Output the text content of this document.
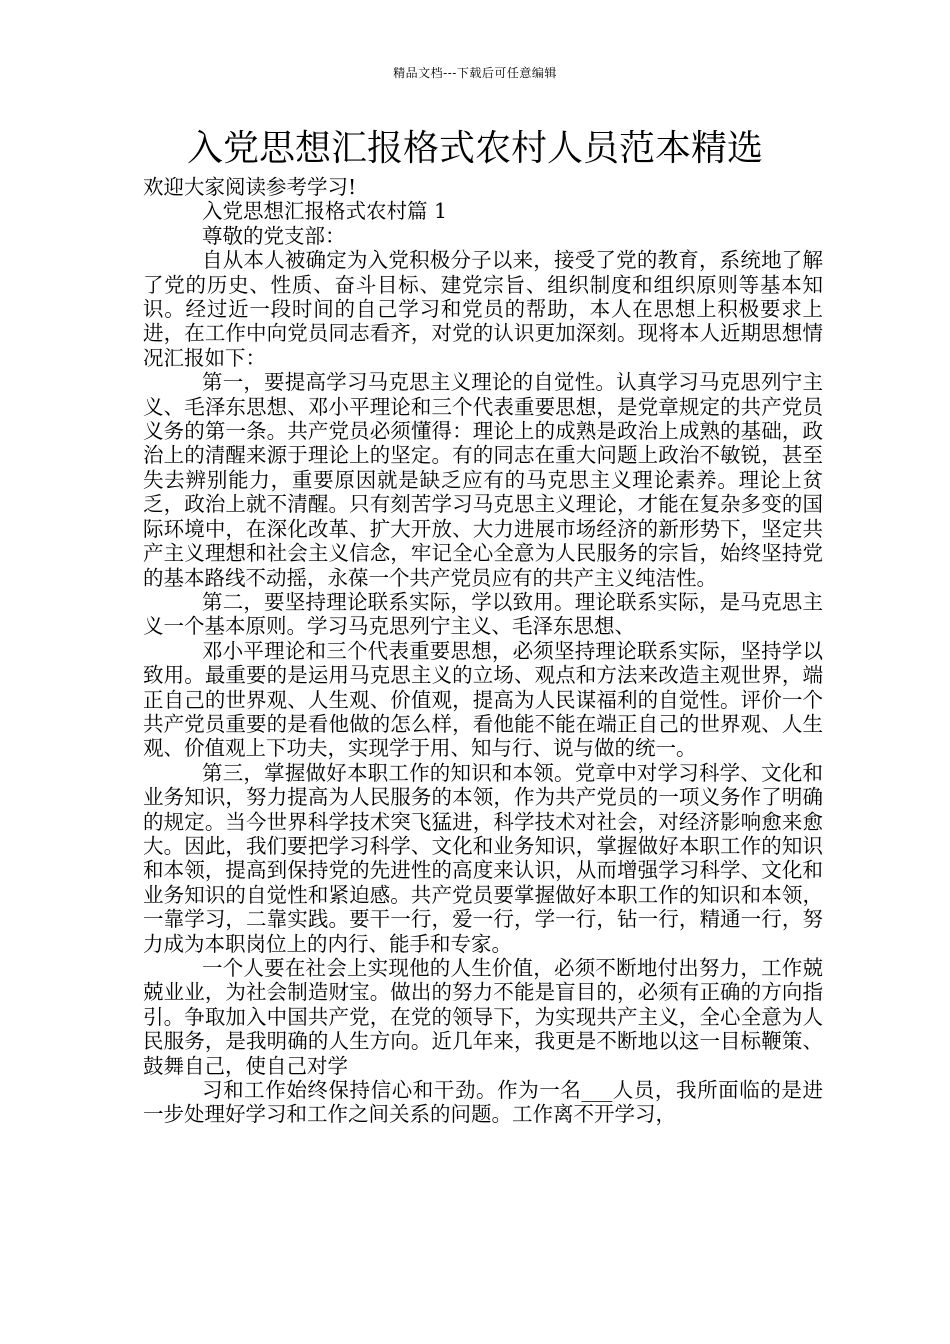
精品文档---下载后可任意编辑
入党思想汇报格式农村人员范本精选

欢迎大家阅读参考学习!

入党思想汇报格式农村篇 1

尊敬的党支部：

自从本人被确定为入党积极分子以来，接受了党的教育，系统地了解了党的历史、性质、奋斗目标、建党宗旨、组织制度和组织原则等基本知识。经过近一段时间的自己学习和党员的帮助，本人在思想上积极要求上进，在工作中向党员同志看齐，对党的认识更加深刻。现将本人近期思想情况汇报如下：

第一，要提高学习马克思主义理论的自觉性。认真学习马克思列宁主义、毛泽东思想、邓小平理论和三个代表重要思想，是党章规定的共产党员义务的第一条。共产党员必须懂得：理论上的成熟是政治上成熟的基础，政治上的清醒来源于理论上的坚定。有的同志在重大问题上政治不敏锐，甚至失去辨别能力，重要原因就是缺乏应有的马克思主义理论素养。理论上贫乏，政治上就不清醒。只有刻苦学习马克思主义理论，才能在复杂多变的国际环境中，在深化改革、扩大开放、大力进展市场经济的新形势下，坚定共产主义理想和社会主义信念，牢记全心全意为人民服务的宗旨，始终坚持党的基本路线不动摇，永葆一个共产党员应有的共产主义纯洁性。

第二，要坚持理论联系实际，学以致用。理论联系实际，是马克思主义一个基本原则。学习马克思列宁主义、毛泽东思想、

邓小平理论和三个代表重要思想，必须坚持理论联系实际，坚持学以致用。最重要的是运用马克思主义的立场、观点和方法来改造主观世界，端正自己的世界观、人生观、价值观，提高为人民谋福利的自觉性。评价一个共产党员重要的是看他做的怎么样，看他能不能在端正自己的世界观、人生观、价值观上下功夫，实现学于用、知与行、说与做的统一。

第三，掌握做好本职工作的知识和本领。党章中对学习科学、文化和业务知识，努力提高为人民服务的本领，作为共产党员的一项义务作了明确的规定。当今世界科学技术突飞猛进，科学技术对社会，对经济影响愈来愈大。因此，我们要把学习科学、文化和业务知识，掌握做好本职工作的知识和本领，提高到保持党的先进性的高度来认识，从而增强学习科学、文化和业务知识的自觉性和紧迫感。共产党员要掌握做好本职工作的知识和本领，一靠学习，二靠实践。要干一行，爱一行，学一行，钻一行，精通一行，努力成为本职岗位上的内行、能手和专家。

一个人要在社会上实现他的人生价值，必须不断地付出努力，工作兢兢业业，为社会制造财宝。做出的努力不能是盲目的，必须有正确的方向指引。争取加入中国共产党，在党的领导下，为实现共产主义，全心全意为人民服务，是我明确的人生方向。近几年来，我更是不断地以这一目标鞭策、鼓舞自己，使自己对学

习和工作始终保持信心和干劲。作为一名___人员，我所面临的是进一步处理好学习和工作之间关系的问题。工作离不开学习，
